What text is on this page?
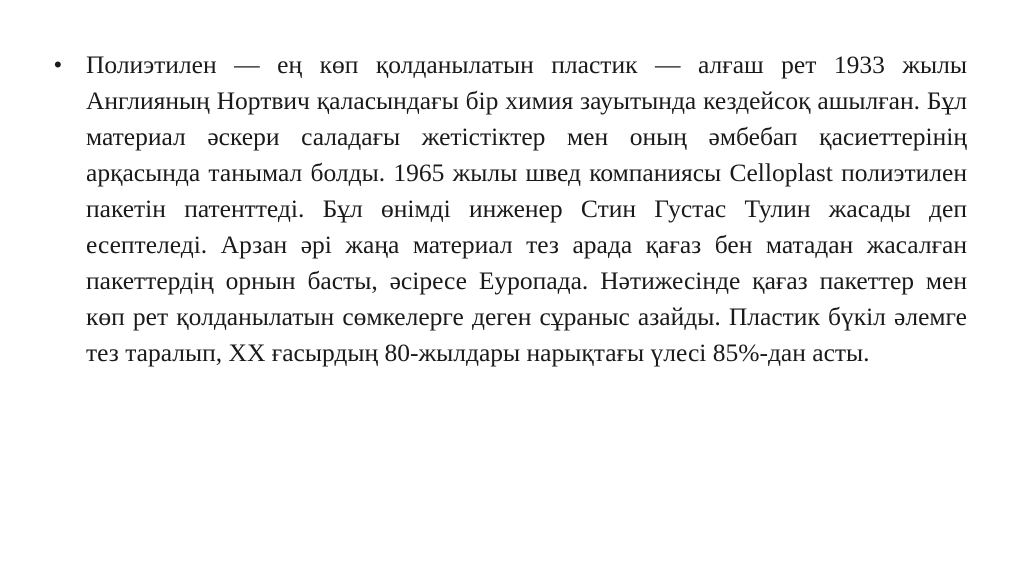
• Полиэтилен — ең көп қолданылатын пластик — алғаш рет 1933 жылы Англияның Нортвич қаласындағы бір химия зауытында кездейсоқ ашылған. Бұл материал әскери саладағы жетістіктер мен оның әмбебап қасиеттерінің арқасында танымал болды. 1965 жылы швед компаниясы Celloplast полиэтилен пакетін патенттеді. Бұл өнімді инженер Стин Густас Тулин жасады деп есептеледі. Арзан әрі жаңа материал тез арада қағаз бен матадан жасалған пакеттердің орнын басты, әсіресе Еуропада. Нәтижесінде қағаз пакеттер мен көп рет қолданылатын сөмкелерге деген сұраныс азайды. Пластик бүкіл әлемге тез таралып, XX ғасырдың 80-жылдары нарықтағы үлесі 85%-дан асты.
